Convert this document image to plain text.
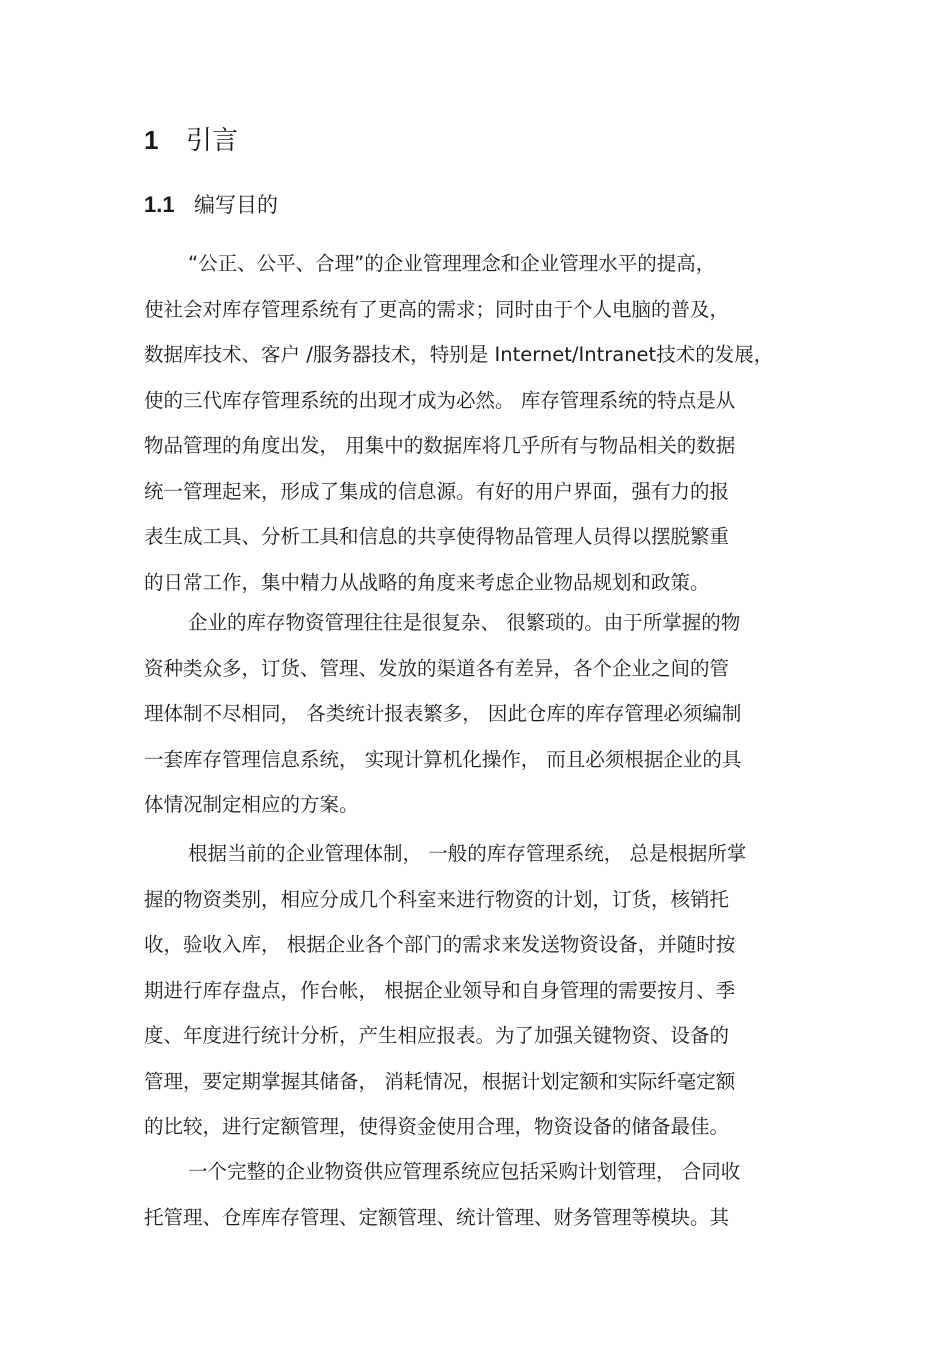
1 引言
1.1 编写目的
“公正、公平、合理”的企业管理理念和企业管理水平的提高，
使社会对库存管理系统有了更高的需求；同时由于个人电脑的普及，
数据库技术、客户 /服务器技术，特别是 Internet/Intranet技术的发展，
使的三代库存管理系统的出现才成为必然。 库存管理系统的特点是从
物品管理的角度出发， 用集中的数据库将几乎所有与物品相关的数据
统一管理起来，形成了集成的信息源。有好的用户界面，强有力的报
表生成工具、分析工具和信息的共享使得物品管理人员得以摆脱繁重
的日常工作，集中精力从战略的角度来考虑企业物品规划和政策。
企业的库存物资管理往往是很复杂、 很繁琐的。由于所掌握的物
资种类众多，订货、管理、发放的渠道各有差异，各个企业之间的管
理体制不尽相同， 各类统计报表繁多， 因此仓库的库存管理必须编制
一套库存管理信息系统， 实现计算机化操作， 而且必须根据企业的具
体情况制定相应的方案。
根据当前的企业管理体制， 一般的库存管理系统， 总是根据所掌
握的物资类别，相应分成几个科室来进行物资的计划，订货，核销托
收，验收入库， 根据企业各个部门的需求来发送物资设备，并随时按
期进行库存盘点，作台帐， 根据企业领导和自身管理的需要按月、季
度、年度进行统计分析，产生相应报表。为了加强关键物资、设备的
管理，要定期掌握其储备， 消耗情况，根据计划定额和实际纤毫定额
的比较，进行定额管理，使得资金使用合理，物资设备的储备最佳。
一个完整的企业物资供应管理系统应包括采购计划管理， 合同收
托管理、仓库库存管理、定额管理、统计管理、财务管理等模块。其
